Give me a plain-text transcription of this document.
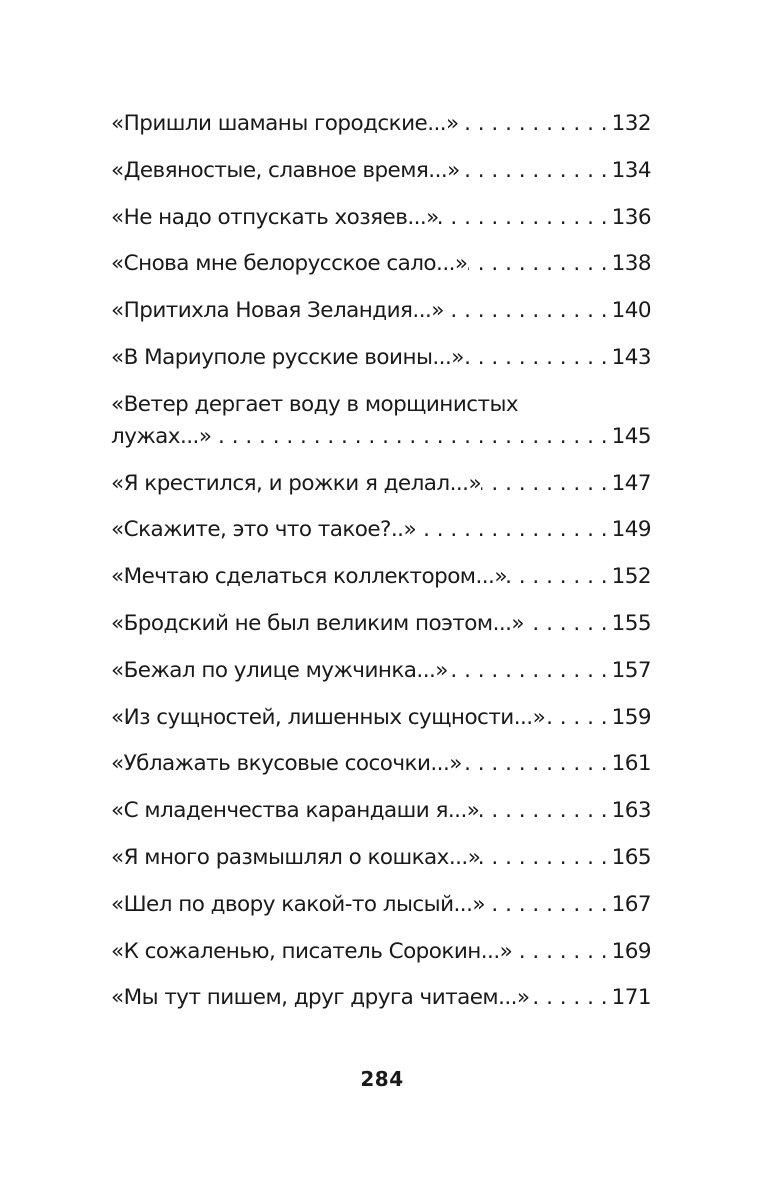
«Пришли шаманы городские...» . . .	132
«Девяностые, славное время...» . . .	134
«Не надо отпускать хозяев...» . . .	136
«Снова мне белорусское сало...» . . .	138
«Притихла Новая Зеландия...» . . .	140
«В Мариуполе русские воины...» . . .	143
«Ветер дергает воду в морщинистых
лужах...» . . .	145
«Я крестился, и рожки я делал...» . . .	147
«Скажите, это что такое?..» . . .	149
«Мечтаю сделаться коллектором...» . . .	152
«Бродский не был великим поэтом...» . . .	155
«Бежал по улице мужчинка...» . . .	157
«Из сущностей, лишенных сущности...» . . .	159
«Ублажать вкусовые сосочки...» . . .	161
«С младенчества карандаши я...» . . .	163
«Я много размышлял о кошках...» . . .	165
«Шел по двору какой-то лысый...» . . .	167
«К сожаленью, писатель Сорокин...» . . .	169
«Мы тут пишем, друг друга читаем...» . . .	171
284
